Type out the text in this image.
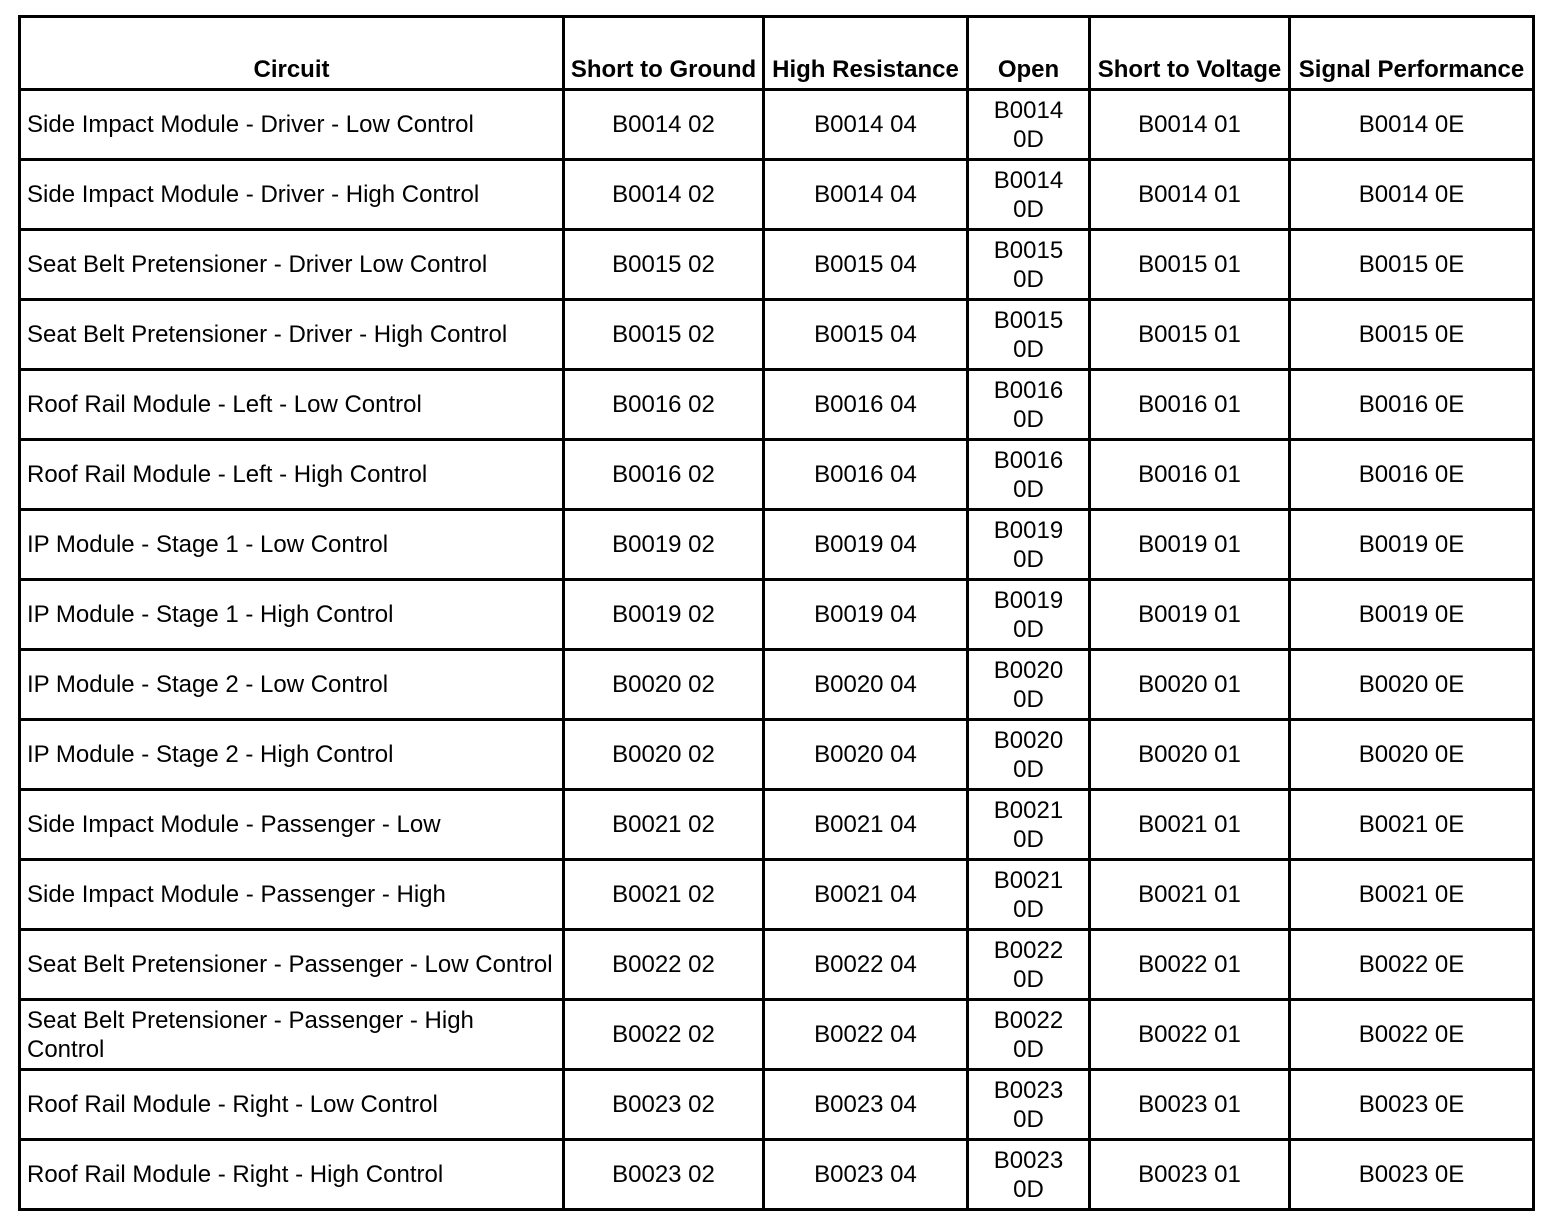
Circuit	Short to Ground	High Resistance	Open	Short to Voltage	Signal Performance
Side Impact Module - Driver - Low Control	B0014 02	B0014 04	B0014 0D	B0014 01	B0014 0E
Side Impact Module - Driver - High Control	B0014 02	B0014 04	B0014 0D	B0014 01	B0014 0E
Seat Belt Pretensioner - Driver Low Control	B0015 02	B0015 04	B0015 0D	B0015 01	B0015 0E
Seat Belt Pretensioner - Driver - High Control	B0015 02	B0015 04	B0015 0D	B0015 01	B0015 0E
Roof Rail Module - Left - Low Control	B0016 02	B0016 04	B0016 0D	B0016 01	B0016 0E
Roof Rail Module - Left - High Control	B0016 02	B0016 04	B0016 0D	B0016 01	B0016 0E
IP Module - Stage 1 - Low Control	B0019 02	B0019 04	B0019 0D	B0019 01	B0019 0E
IP Module - Stage 1 - High Control	B0019 02	B0019 04	B0019 0D	B0019 01	B0019 0E
IP Module - Stage 2 - Low Control	B0020 02	B0020 04	B0020 0D	B0020 01	B0020 0E
IP Module - Stage 2 - High Control	B0020 02	B0020 04	B0020 0D	B0020 01	B0020 0E
Side Impact Module - Passenger - Low	B0021 02	B0021 04	B0021 0D	B0021 01	B0021 0E
Side Impact Module - Passenger - High	B0021 02	B0021 04	B0021 0D	B0021 01	B0021 0E
Seat Belt Pretensioner - Passenger - Low Control	B0022 02	B0022 04	B0022 0D	B0022 01	B0022 0E
Seat Belt Pretensioner - Passenger - High Control	B0022 02	B0022 04	B0022 0D	B0022 01	B0022 0E
Roof Rail Module - Right - Low Control	B0023 02	B0023 04	B0023 0D	B0023 01	B0023 0E
Roof Rail Module - Right - High Control	B0023 02	B0023 04	B0023 0D	B0023 01	B0023 0E
